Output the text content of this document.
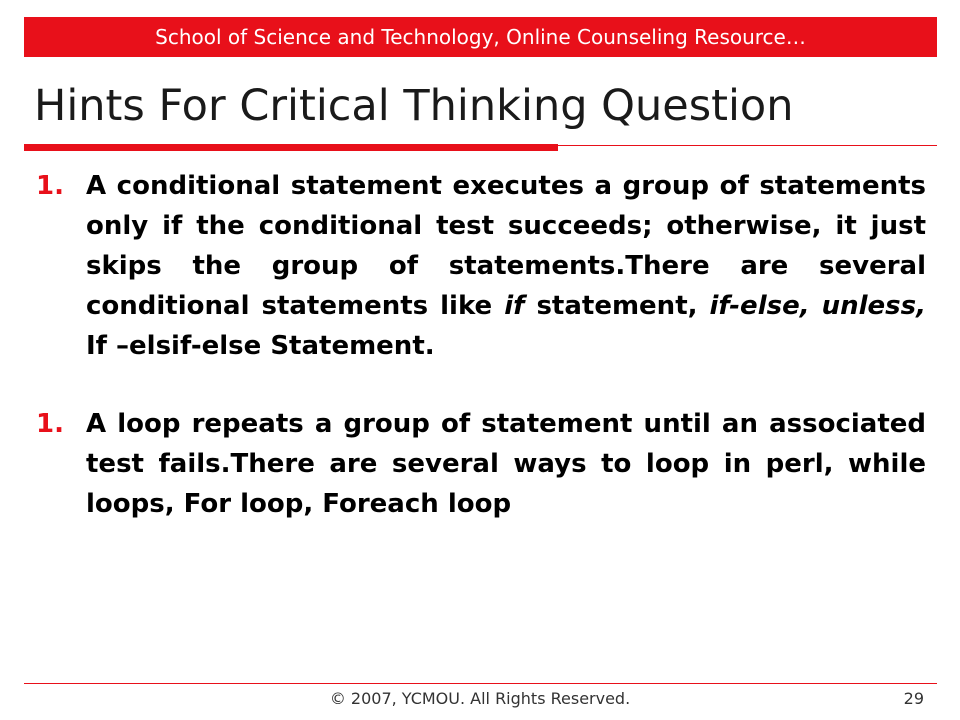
School of Science and Technology, Online Counseling Resource…
Hints For Critical Thinking Question
1. A conditional statement executes a group of statements only if the conditional test succeeds; otherwise, it just skips the group of statements.There are several conditional statements like if statement, if-else, unless, If –elsif-else Statement.
1. A loop repeats a group of statement until an associated test fails.There are several ways to loop in perl, while loops, For loop, Foreach loop
© 2007, YCMOU. All Rights Reserved.	29
